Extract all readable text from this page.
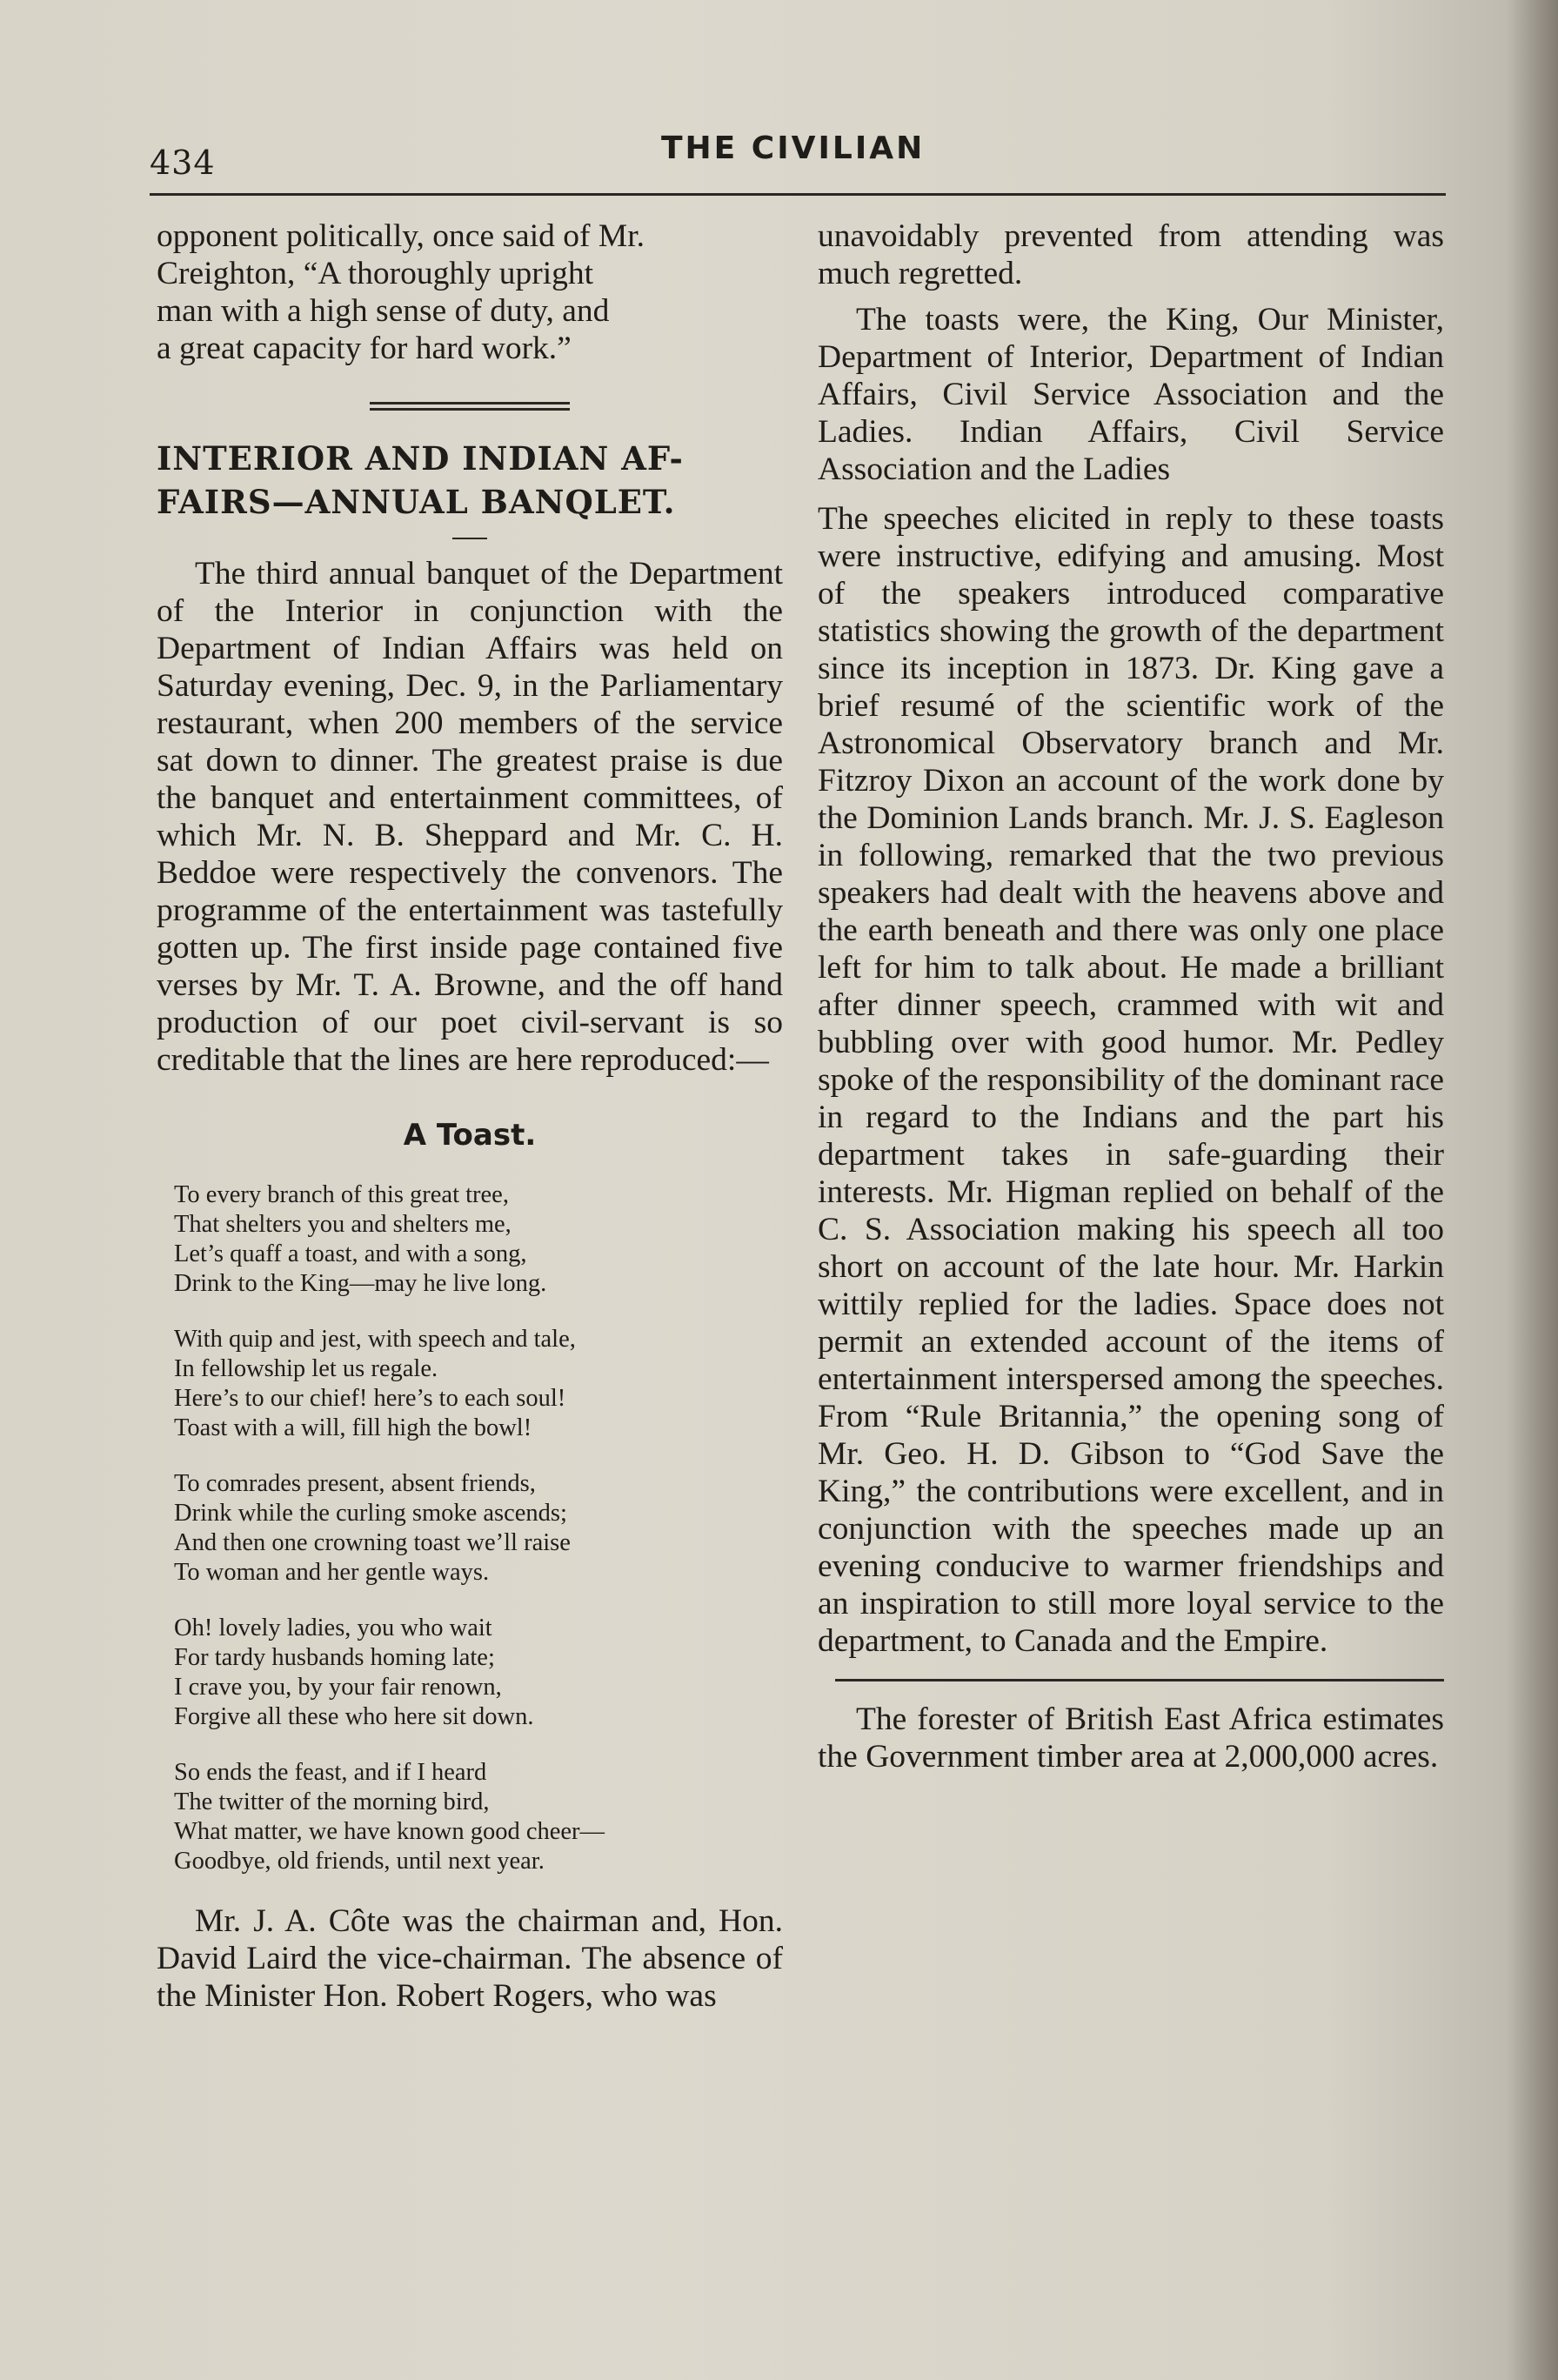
434	THE CIVILIAN

opponent politically, once said of Mr.

Creighton, “A thoroughly upright

man with a high sense of duty, and

a great capacity for hard work.”

INTERIOR AND INDIAN AF-

FAIRS—ANNUAL BANQLET.

The third annual banquet of the Department of the Interior in conjunction with the Department of Indian Affairs was held on Saturday evening, Dec. 9, in the Parliamentary restaurant, when 200 members of the service sat down to dinner. The greatest praise is due the banquet and entertainment committees, of which Mr. N. B. Sheppard and Mr. C. H. Beddoe were respectively the convenors. The programme of the entertainment was tastefully gotten up. The first inside page contained five verses by Mr. T. A. Browne, and the off hand production of our poet civil-servant is so creditable that the lines are here reproduced:—

A Toast.
To every branch of this great tree,
That shelters you and shelters me,
Let’s quaff a toast, and with a song,
Drink to the King—may he live long.
With quip and jest, with speech and tale,
In fellowship let us regale.
Here’s to our chief! here’s to each soul!
Toast with a will, fill high the bowl!
To comrades present, absent friends,
Drink while the curling smoke ascends;
And then one crowning toast we’ll raise
To woman and her gentle ways.
Oh! lovely ladies, you who wait
For tardy husbands homing late;
I crave you, by your fair renown,
Forgive all these who here sit down.
So ends the feast, and if I heard
The twitter of the morning bird,
What matter, we have known good cheer—
Goodbye, old friends, until next year.

Mr. J. A. Côte was the chairman and, Hon. David Laird the vice-chairman. The absence of the Minister Hon. Robert Rogers, who was

unavoidably prevented from attending was much regretted.

The toasts were, the King, Our Minister, Department of Interior, Department of Indian Affairs, Civil Service Association and the Ladies. Indian Affairs, Civil Service Association and the Ladies

The speeches elicited in reply to these toasts were instructive, edifying and amusing. Most of the speakers introduced comparative statistics showing the growth of the department since its inception in 1873. Dr. King gave a brief resumé of the scientific work of the Astronomical Observatory branch and Mr. Fitzroy Dixon an account of the work done by the Dominion Lands branch. Mr. J. S. Eagleson in following, remarked that the two previous speakers had dealt with the heavens above and the earth beneath and there was only one place left for him to talk about. He made a brilliant after dinner speech, crammed with wit and bubbling over with good humor. Mr. Pedley spoke of the responsibility of the dominant race in regard to the Indians and the part his department takes in safe-guarding their interests. Mr. Higman replied on behalf of the C. S. Association making his speech all too short on account of the late hour. Mr. Harkin wittily replied for the ladies. Space does not permit an extended account of the items of entertainment interspersed among the speeches. From “Rule Britannia,” the opening song of Mr. Geo. H. D. Gibson to “God Save the King,” the contributions were excellent, and in conjunction with the speeches made up an evening conducive to warmer friendships and an inspiration to still more loyal service to the department, to Canada and the Empire.

The forester of British East Africa estimates the Government timber area at 2,000,000 acres.
